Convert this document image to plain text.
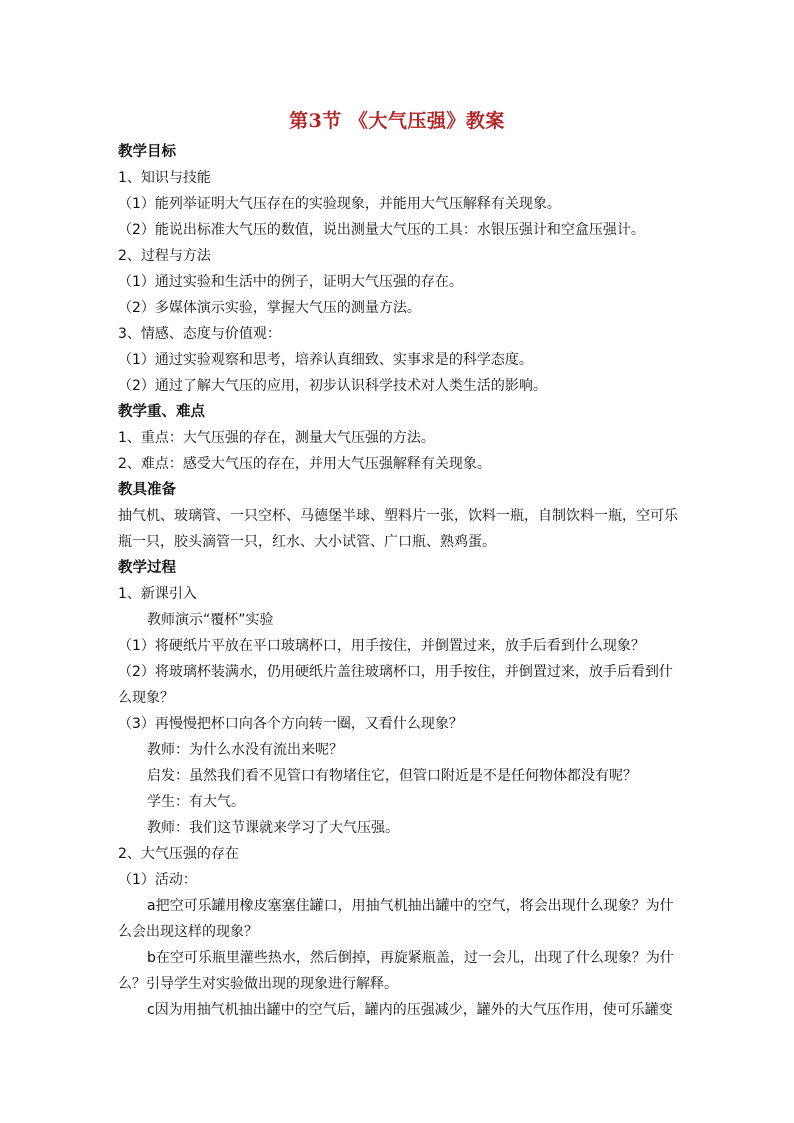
第3节 《大气压强》教案
教学目标
1、知识与技能
（1）能列举证明大气压存在的实验现象，并能用大气压解释有关现象。
（2）能说出标准大气压的数值，说出测量大气压的工具：水银压强计和空盒压强计。
2、过程与方法
（1）通过实验和生活中的例子，证明大气压强的存在。
（2）多媒体演示实验，掌握大气压的测量方法。
3、情感、态度与价值观：
（1）通过实验观察和思考，培养认真细致、实事求是的科学态度。
（2）通过了解大气压的应用，初步认识科学技术对人类生活的影响。
教学重、难点
1、重点：大气压强的存在，测量大气压强的方法。
2、难点：感受大气压的存在，并用大气压强解释有关现象。
教具准备
抽气机、玻璃管、一只空杯、马德堡半球、塑料片一张，饮料一瓶，自制饮料一瓶，空可乐
瓶一只，胶头滴管一只，红水、大小试管、广口瓶、熟鸡蛋。
教学过程
1、新课引入
教师演示“覆杯”实验
（1）将硬纸片平放在平口玻璃杯口，用手按住，并倒置过来，放手后看到什么现象？
（2）将玻璃杯装满水，仍用硬纸片盖往玻璃杯口，用手按住，并倒置过来，放手后看到什
么现象？
（3）再慢慢把杯口向各个方向转一圈，又看什么现象？
教师：为什么水没有流出来呢？
启发：虽然我们看不见管口有物堵住它，但管口附近是不是任何物体都没有呢？
学生：有大气。
教师：我们这节课就来学习了大气压强。
2、大气压强的存在
（1）活动：
a把空可乐罐用橡皮塞塞住罐口，用抽气机抽出罐中的空气，将会出现什么现象？为什
么会出现这样的现象？
b在空可乐瓶里灌些热水，然后倒掉，再旋紧瓶盖，过一会儿，出现了什么现象？为什
么？引导学生对实验做出现的现象进行解释。
c因为用抽气机抽出罐中的空气后，罐内的压强减少，罐外的大气压作用，使可乐罐变
